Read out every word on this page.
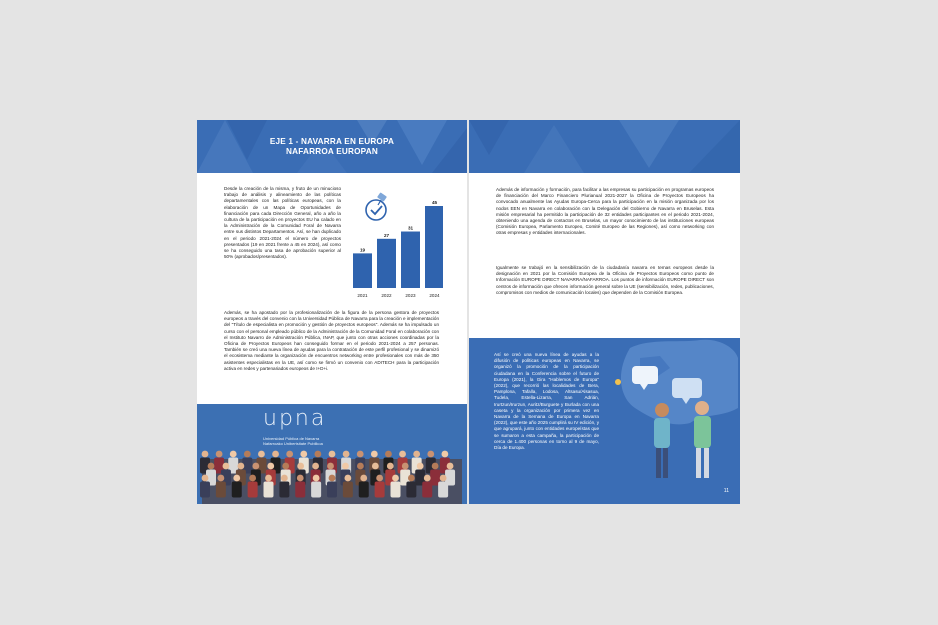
EJE 1 - NAVARRA EN EUROPA
NAFARROA EUROPAN
Desde la creación de la misma, y fruto de un minucioso trabajo de análisis y alineamiento de las políticas departamentales con las políticas europeas, con la elaboración de un Mapa de Oportunidades de financiación para cada Dirección General, año a año la cultura de la participación en proyectos EU ha calado en la Administración de la Comunidad Foral de Navarra entre sus distintos Departamentos. Así, se han duplicado en el periodo 2021-2024 el número de proyectos presentados (19 en 2021 frente a 45 en 2024), así como se ha conseguido una tasa de aprobación superior al 50% (aprobados/presentados).
19
2021
27
2022
31
2023
45
2024
Además, se ha apostado por la profesionalización de la figura de la persona gestora de proyectos europeos a través del convenio con la Universidad Pública de Navarra para la creación e implementación del "Título de especialista en promoción y gestión de proyectos europeos". Además se ha impulsado un curso con el personal empleado público de la Administración de la Comunidad Foral en colaboración con el Instituto Navarro de Administración Pública, INAP, que junto con otras acciones coordinadas por la Oficina de Proyectos Europeos han conseguido formar en el periodo 2021-2024 a 257 personas. También se creó una nueva línea de ayudas para la contratación de este perfil profesional y se dinamizó el ecosistema mediante la organización de encuentros networking entre profesionales con más de 350 asistentes especialistas en la UE, así como se firmó un convenio con ADITECH para la participación activa en redes y partenariados europeos de I+D+i.
upna
Universidad Pública de Navarra
Nafarroako Unibertsitate Publikoa
Además de información y formación, para facilitar a las empresas su participación en programas europeos de financiación del Marco Financiero Plurianual 2021-2027 la Oficina de Proyectos Europeos ha convocado anualmente las Ayudas Europa-Cerca para la participación en la misión organizada por los nodos EEN en Navarra en colaboración con la Delegación del Gobierno de Navarra en Bruselas. Esta misión empresarial ha permitido la participación de 32 entidades participantes en el periodo 2021-2024, obteniendo una agenda de contactos en Bruselas, un mayor conocimiento de las instituciones europeas (Comisión Europea, Parlamento Europeo, Comité Europeo de las Regiones), así como networking con otras empresas y entidades internacionales.
Igualmente se trabajó en la sensibilización de la ciudadanía navarra en temas europeos desde la designación en 2021 por la Comisión Europea de la Oficina de Proyectos Europeos como punto de Información EUROPE DIRECT NAVARRA/NAFARROA. Los puntos de información EUROPE DIRECT son centros de información que ofrecen información general sobre la UE (sensibilización, redes, publicaciones, compromisos con medios de comunicación locales) que dependen de la Comisión Europea.
Así se creó una nueva línea de ayudas a la difusión de políticas europeas en Navarra, se organizó la promoción de la participación ciudadana en la Conferencia sobre el futuro de Europa (2021), la Gira "Hablemos de Europa" (2022), que recorrió las localidades de Bera, Pamplona, Tafalla, Lodosa, Altsasu/Alsasua, Tudela, Estella-Lizarra, San Adrián, Irurtzun/Irurzun, Auritz/Burguete y Burlada con una caseta y la organización por primera vez en Navarra de la Semana de Europa en Navarra (2022), que este año 2025 cumplirá su IV edición, y que agrupará, junto con entidades europeístas que se sumaron a esta campaña, la participación de cerca de 1.400 personas en torno al 9 de mayo, Día de Europa.
11
